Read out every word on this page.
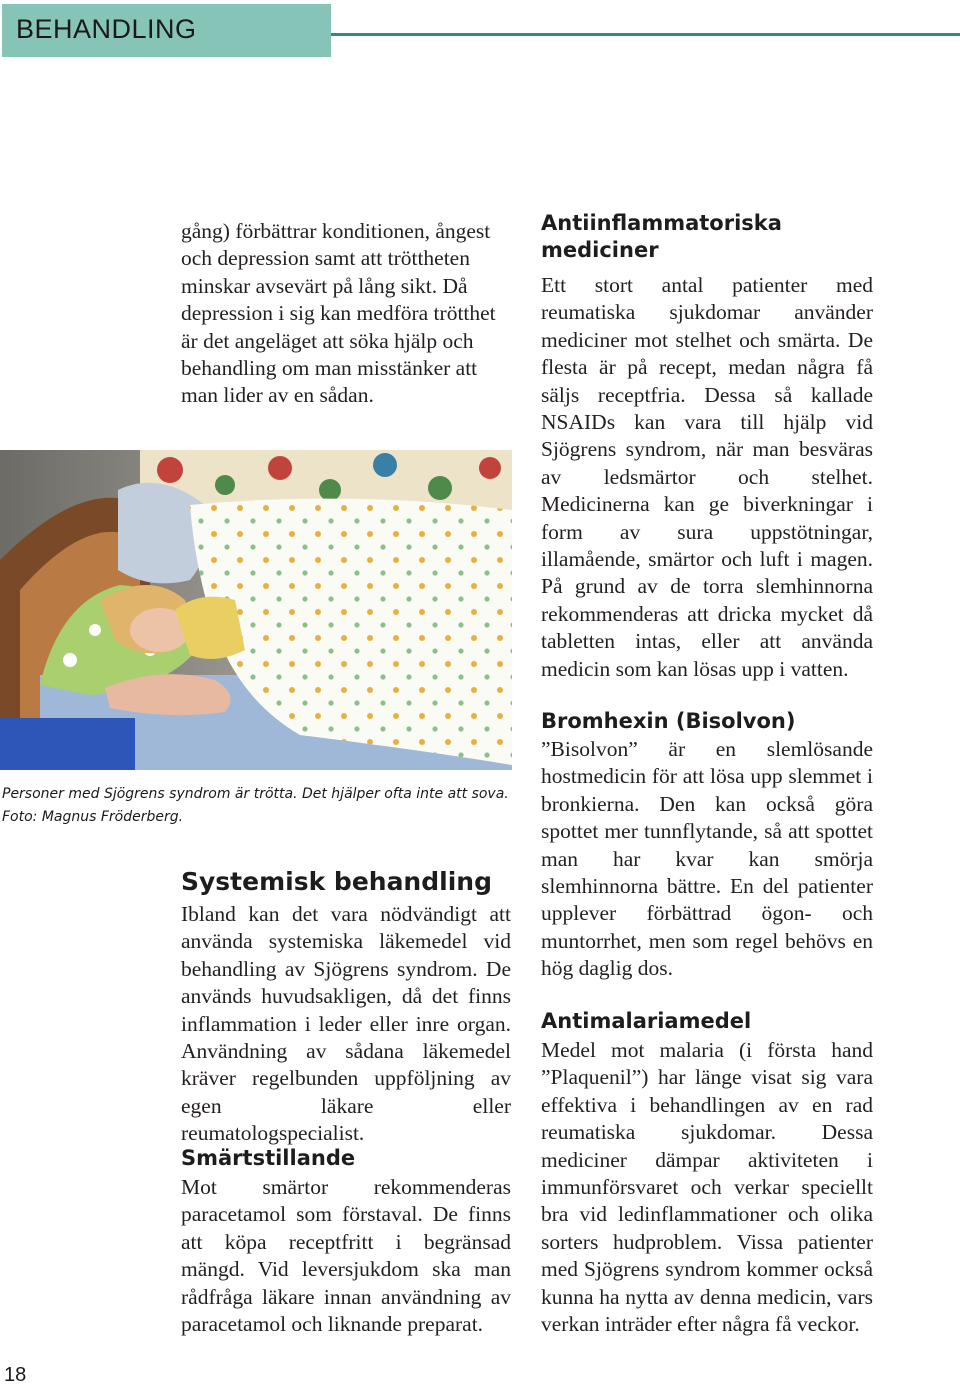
BEHANDLING

gång) förbättrar konditionen, ångest och depression samt att tröttheten minskar avsevärt på lång sikt. Då depression i sig kan medföra trötthet är det angeläget att söka hjälp och behandling om man misstänker att man lider av en sådan.

Personer med Sjögrens syndrom är trötta. Det hjälper ofta inte att sova.
Foto: Magnus Fröderberg.
Systemisk behandling

Ibland kan det vara nödvändigt att använda systemiska läkemedel vid behandling av Sjögrens syndrom. De används huvudsakligen, då det finns inflammation i leder eller inre organ. Användning av sådana läkemedel kräver regelbunden uppföljning av egen läkare eller reumatologspecialist.

Smärtstillande

Mot smärtor rekommenderas paracetamol som förstaval. De finns att köpa receptfritt i begränsad mängd. Vid leversjukdom ska man rådfråga läkare innan användning av paracetamol och liknande preparat.

Antiinflammatoriska
mediciner

Ett stort antal patienter med reumatiska sjukdomar använder mediciner mot stelhet och smärta. De flesta är på recept, medan några få säljs receptfria. Dessa så kallade NSAIDs kan vara till hjälp vid Sjögrens syndrom, när man besväras av ledsmärtor och stelhet. Medicinerna kan ge biverkningar i form av sura uppstötningar, illamående, smärtor och luft i magen. På grund av de torra slemhinnorna rekommenderas att dricka mycket då tabletten intas, eller att använda medicin som kan lösas upp i vatten.

Bromhexin (Bisolvon)

”Bisolvon” är en slemlösande hostmedicin för att lösa upp slemmet i bronkierna. Den kan också göra spottet mer tunnflytande, så att spottet man har kvar kan smörja slemhinnorna bättre. En del patienter upplever förbättrad ögon- och muntorrhet, men som regel behövs en hög daglig dos.

Antimalariamedel

Medel mot malaria (i första hand ”Plaquenil”) har länge visat sig vara effektiva i behandlingen av en rad reumatiska sjukdomar. Dessa mediciner dämpar aktiviteten i immunförsvaret och verkar speciellt bra vid ledinflammationer och olika sorters hudproblem. Vissa patienter med Sjögrens syndrom kommer också kunna ha nytta av denna medicin, vars verkan inträder efter några få veckor.

18
